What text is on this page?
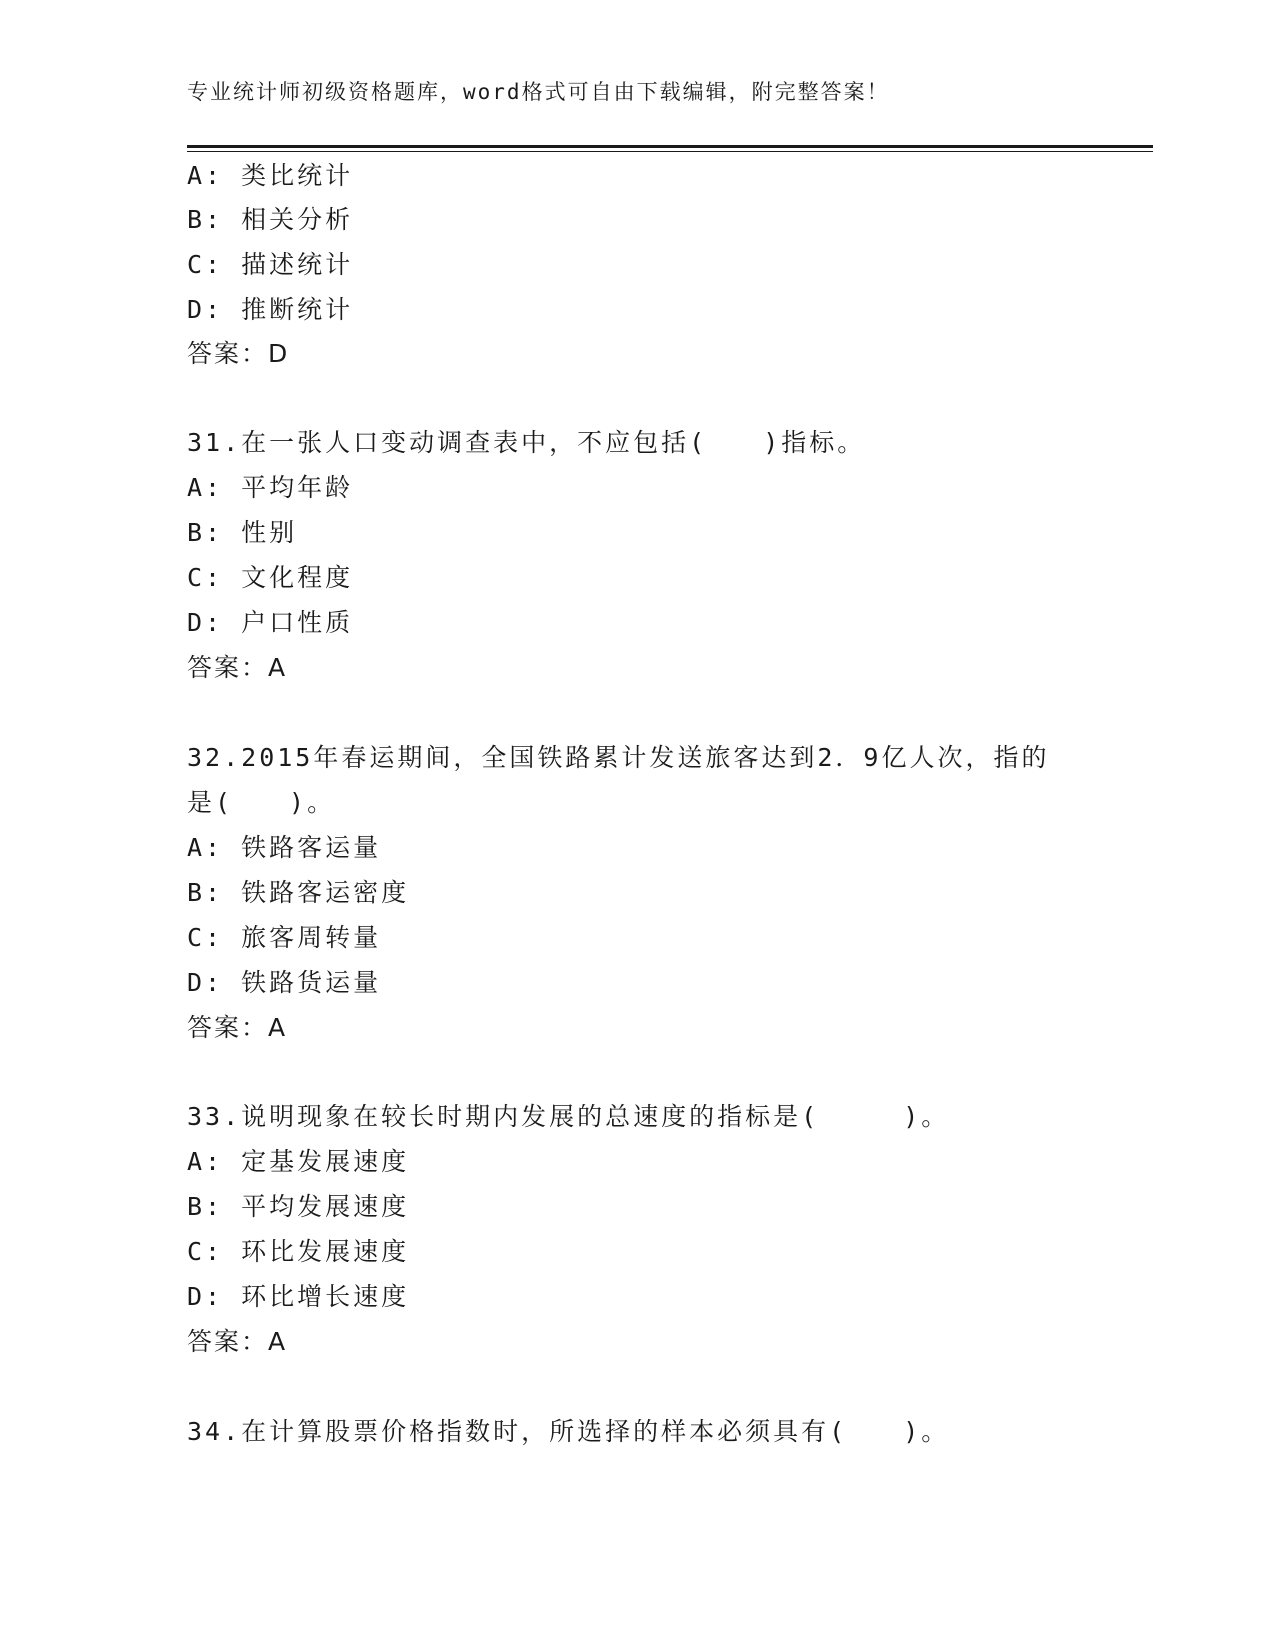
专业统计师初级资格题库，word格式可自由下载编辑，附完整答案！
A: 类比统计
B: 相关分析
C: 描述统计
D: 推断统计
答案：D
31.在一张人口变动调查表中，不应包括(　　)指标。
A: 平均年龄
B: 性别
C: 文化程度
D: 户口性质
答案：A
32.2015年春运期间，全国铁路累计发送旅客达到2．9亿人次，指的
是(　　)。
A: 铁路客运量
B: 铁路客运密度
C: 旅客周转量
D: 铁路货运量
答案：A
33.说明现象在较长时期内发展的总速度的指标是(　　　)。
A: 定基发展速度
B: 平均发展速度
C: 环比发展速度
D: 环比增长速度
答案：A
34.在计算股票价格指数时，所选择的样本必须具有(　　)。
